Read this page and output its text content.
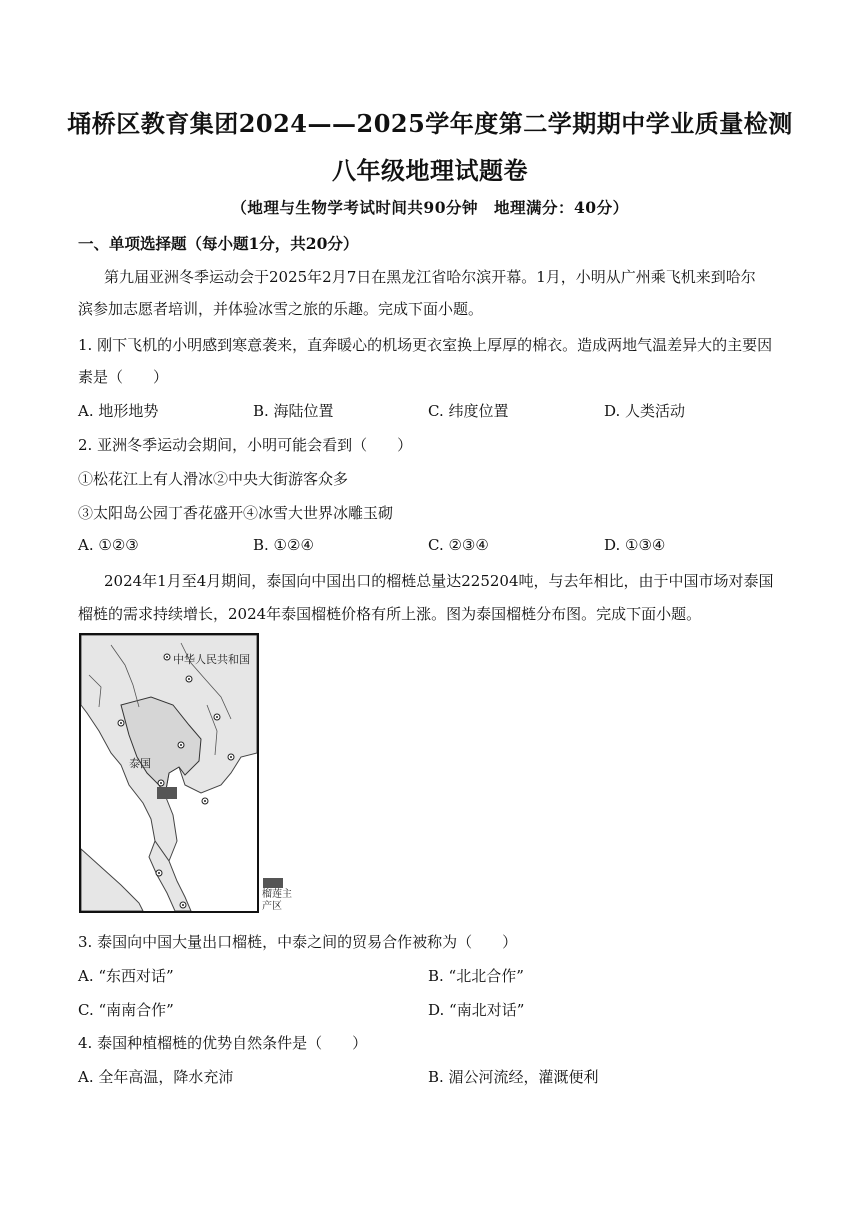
埇桥区教育集团2024——2025学年度第二学期期中学业质量检测
八年级地理试题卷
（地理与生物学考试时间共90分钟　地理满分：40分）
一、单项选择题（每小题1分，共20分）
第九届亚洲冬季运动会于2025年2月7日在黑龙江省哈尔滨开幕。1月，小明从广州乘飞机来到哈尔
滨参加志愿者培训，并体验冰雪之旅的乐趣。完成下面小题。
1. 刚下飞机的小明感到寒意袭来，直奔暖心的机场更衣室换上厚厚的棉衣。造成两地气温差异大的主要因
素是（　　）
A. 地形地势	B. 海陆位置	C. 纬度位置	D. 人类活动
2. 亚洲冬季运动会期间，小明可能会看到（　　）
①松花江上有人滑冰②中央大街游客众多
③太阳岛公园丁香花盛开④冰雪大世界冰雕玉砌
A. ①②③	B. ①②④	C. ②③④	D. ①③④
2024年1月至4月期间，泰国向中国出口的榴梿总量达225204吨，与去年相比，由于中国市场对泰国
榴梿的需求持续增长，2024年泰国榴梿价格有所上涨。图为泰国榴梿分布图。完成下面小题。
中华人民共和国
泰国
榴莲主产区
3. 泰国向中国大量出口榴梿，中泰之间的贸易合作被称为（　　）
A. “东西对话”	B. “北北合作”
C. “南南合作”	D. “南北对话”
4. 泰国种植榴梿的优势自然条件是（　　）
A. 全年高温，降水充沛	B. 湄公河流经，灌溉便利
